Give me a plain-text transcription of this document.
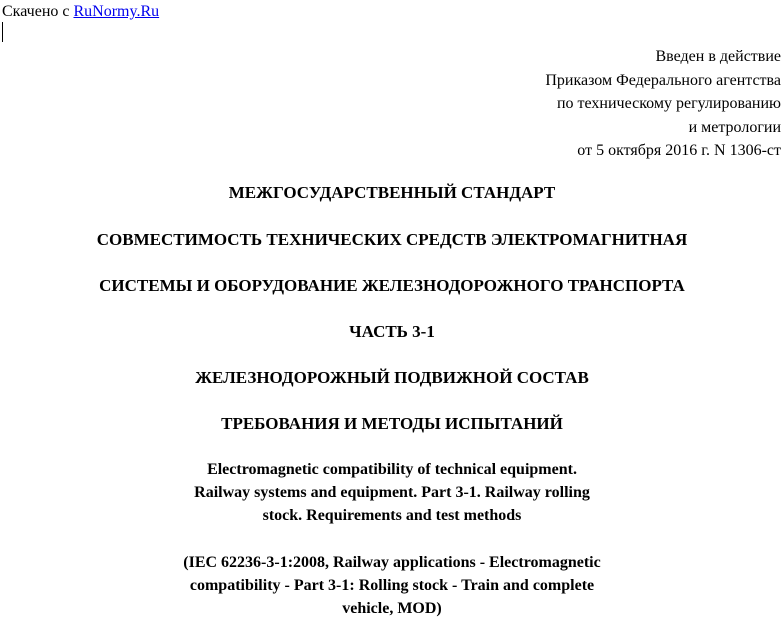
Скачено с RuNormy.Ru
Введен в действие
Приказом Федерального агентства
по техническому регулированию
и метрологии
от 5 октября 2016 г. N 1306-ст
МЕЖГОСУДАРСТВЕННЫЙ СТАНДАРТ
СОВМЕСТИМОСТЬ ТЕХНИЧЕСКИХ СРЕДСТВ ЭЛЕКТРОМАГНИТНАЯ
СИСТЕМЫ И ОБОРУДОВАНИЕ ЖЕЛЕЗНОДОРОЖНОГО ТРАНСПОРТА
ЧАСТЬ 3-1
ЖЕЛЕЗНОДОРОЖНЫЙ ПОДВИЖНОЙ СОСТАВ
ТРЕБОВАНИЯ И МЕТОДЫ ИСПЫТАНИЙ
Electromagnetic compatibility of technical equipment.
Railway systems and equipment. Part 3-1. Railway rolling
stock. Requirements and test methods
(IEC 62236-3-1:2008, Railway applications - Electromagnetic
compatibility - Part 3-1: Rolling stock - Train and complete
vehicle, MOD)
